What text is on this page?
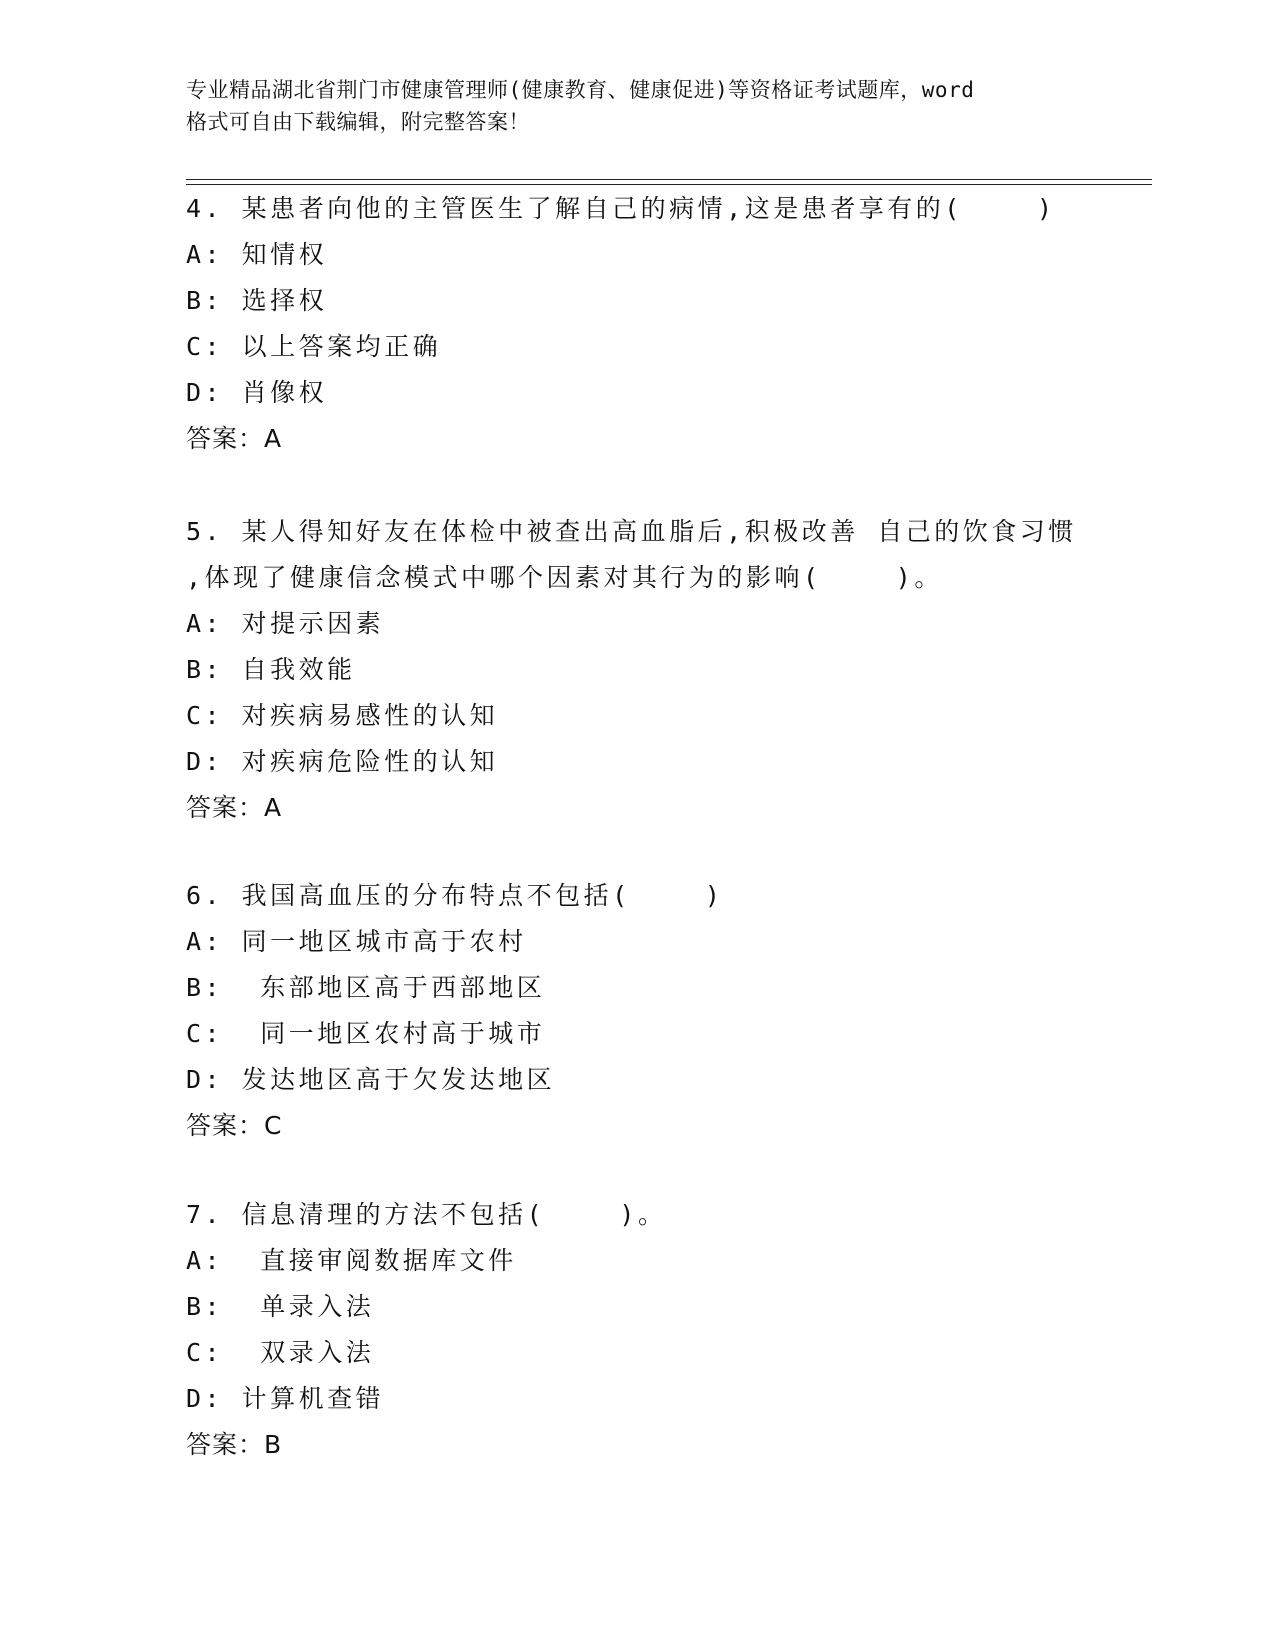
专业精品湖北省荆门市健康管理师(健康教育、健康促进)等资格证考试题库，word
格式可自由下载编辑，附完整答案！
4. 某患者向他的主管医生了解自己的病情,这是患者享有的(    )
A: 知情权
B: 选择权
C: 以上答案均正确
D: 肖像权
答案：A
5. 某人得知好友在体检中被查出高血脂后,积极改善 自己的饮食习惯
,体现了健康信念模式中哪个因素对其行为的影响(    )。
A: 对提示因素
B: 自我效能
C: 对疾病易感性的认知
D: 对疾病危险性的认知
答案：A
6. 我国高血压的分布特点不包括(    )
A: 同一地区城市高于农村
B:  东部地区高于西部地区
C:  同一地区农村高于城市
D: 发达地区高于欠发达地区
答案：C
7. 信息清理的方法不包括(    )。
A:  直接审阅数据库文件
B:  单录入法
C:  双录入法
D: 计算机查错
答案：B
